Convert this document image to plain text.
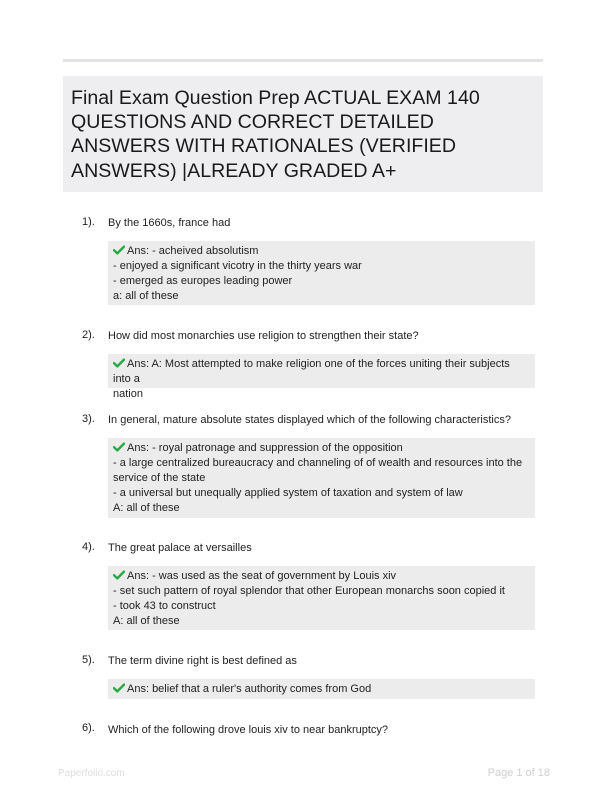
Final Exam Question Prep ACTUAL EXAM 140
QUESTIONS AND CORRECT DETAILED
ANSWERS WITH RATIONALES (VERIFIED
ANSWERS) |ALREADY GRADED A+
1). By the 1660s, france had
Ans: - acheived absolutism
- enjoyed a significant vicotry in the thirty years war
- emerged as europes leading power
a: all of these
2). How did most monarchies use religion to strengthen their state?
Ans: A: Most attempted to make religion one of the forces uniting their subjects into a
nation
3). In general, mature absolute states displayed which of the following characteristics?
Ans: - royal patronage and suppression of the opposition
- a large centralized bureaucracy and channeling of of wealth and resources into the
service of the state
- a universal but unequally applied system of taxation and system of law
A: all of these
4). The great palace at versailles
Ans: - was used as the seat of government by Louis xiv
- set such pattern of royal splendor that other European monarchs soon copied it
- took 43 to construct
A: all of these
5). The term divine right is best defined as
Ans: belief that a ruler's authority comes from God
6). Which of the following drove louis xiv to near bankruptcy?
Paperfolio.com	Page 1 of 18
